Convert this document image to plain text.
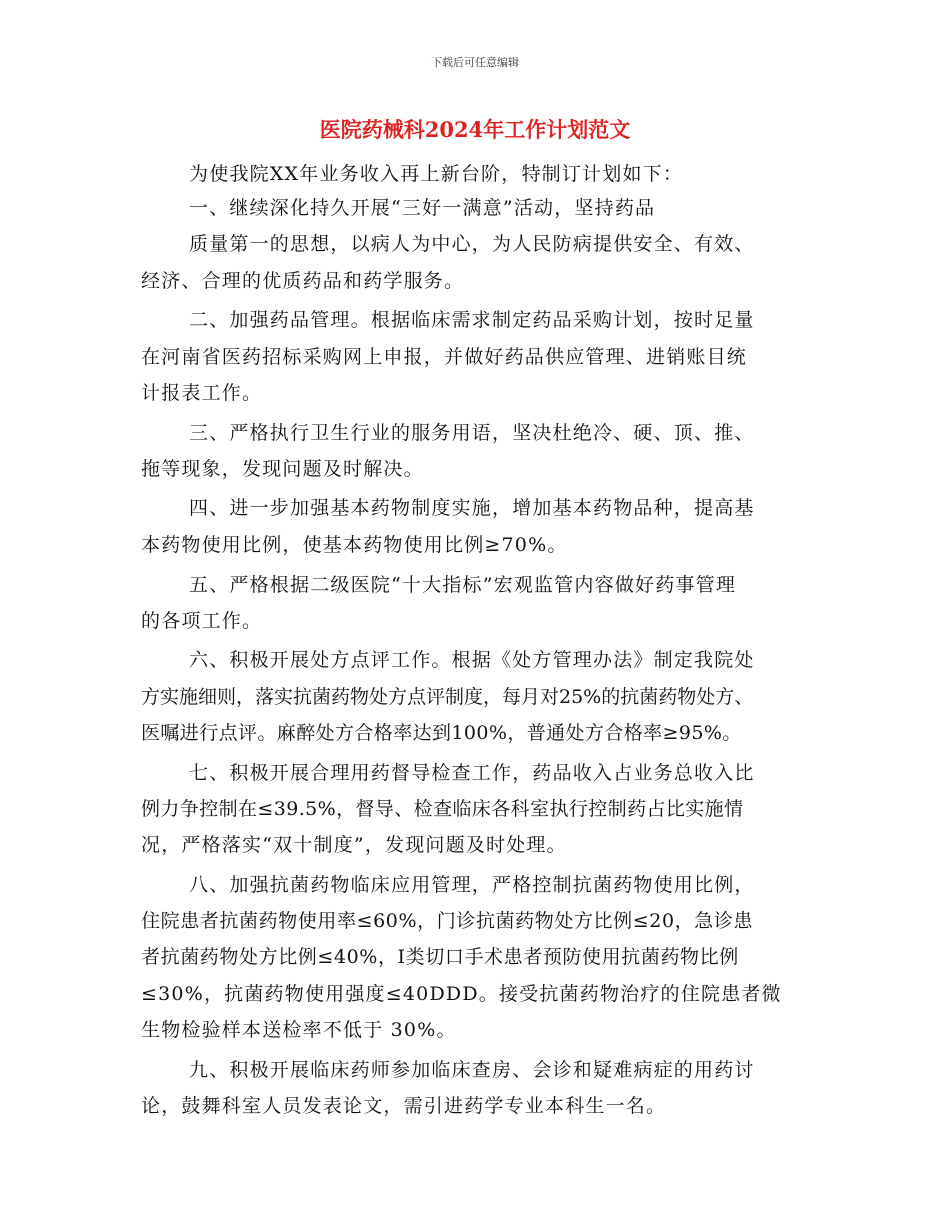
下载后可任意编辑
医院药械科2024年工作计划范文
为使我院XX年业务收入再上新台阶，特制订计划如下：
一、继续深化持久开展“三好一满意”活动，坚持药品
质量第一的思想，以病人为中心，为人民防病提供安全、有效、
经济、合理的优质药品和药学服务。
二、加强药品管理。根据临床需求制定药品采购计划，按时足量
在河南省医药招标采购网上申报，并做好药品供应管理、进销账目统
计报表工作。
三、严格执行卫生行业的服务用语，坚决杜绝冷、硬、顶、推、
拖等现象，发现问题及时解决。
四、进一步加强基本药物制度实施，增加基本药物品种，提高基
本药物使用比例，使基本药物使用比例≥70%。
五、严格根据二级医院“十大指标”宏观监管内容做好药事管理
的各项工作。
六、积极开展处方点评工作。根据《处方管理办法》制定我院处
方实施细则，落实抗菌药物处方点评制度，每月对25%的抗菌药物处方、
医嘱进行点评。麻醉处方合格率达到100%，普通处方合格率≥95%。
七、积极开展合理用药督导检查工作，药品收入占业务总收入比
例力争控制在≤39.5%，督导、检查临床各科室执行控制药占比实施情
况，严格落实“双十制度”，发现问题及时处理。
八、加强抗菌药物临床应用管理，严格控制抗菌药物使用比例，
住院患者抗菌药物使用率≤60%，门诊抗菌药物处方比例≤20，急诊患
者抗菌药物处方比例≤40%，Ⅰ类切口手术患者预防使用抗菌药物比例
≤30%，抗菌药物使用强度≤40DDD。接受抗菌药物治疗的住院患者微
生物检验样本送检率不低于 30%。
九、积极开展临床药师参加临床查房、会诊和疑难病症的用药讨
论，鼓舞科室人员发表论文，需引进药学专业本科生一名。
